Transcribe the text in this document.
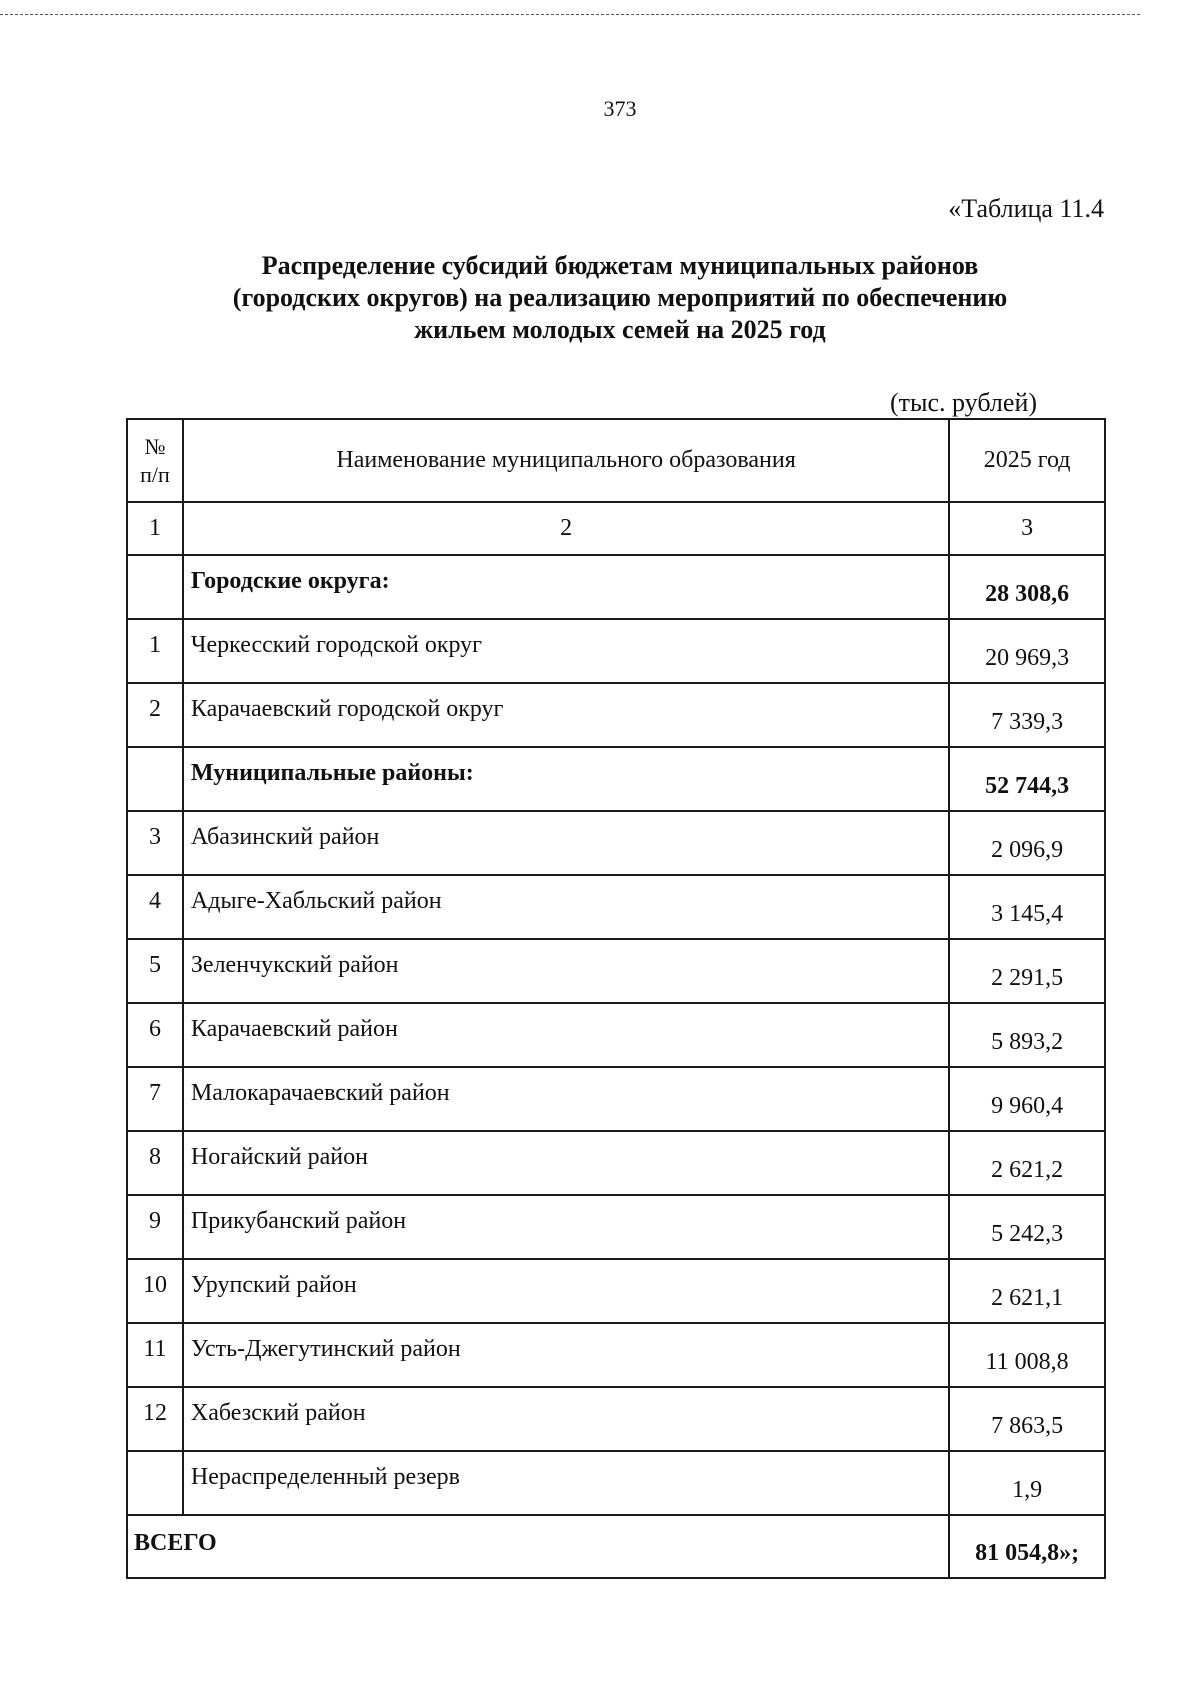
373
«Таблица 11.4
Распределение субсидий бюджетам муниципальных районов
(городских округов) на реализацию мероприятий по обеспечению
жильем молодых семей на 2025 год
(тыс. рублей)
№
п/п	Наименование муниципального образования	2025 год
1	2	3
	Городские округа:	28 308,6
1	Черкесский городской округ	20 969,3
2	Карачаевский городской округ	7 339,3
	Муниципальные районы:	52 744,3
3	Абазинский район	2 096,9
4	Адыге-Хабльский район	3 145,4
5	Зеленчукский район	2 291,5
6	Карачаевский район	5 893,2
7	Малокарачаевский район	9 960,4
8	Ногайский район	2 621,2
9	Прикубанский район	5 242,3
10	Урупский район	2 621,1
11	Усть-Джегутинский район	11 008,8
12	Хабезский район	7 863,5
	Нераспределенный резерв	1,9
ВСЕГО		81 054,8»;
